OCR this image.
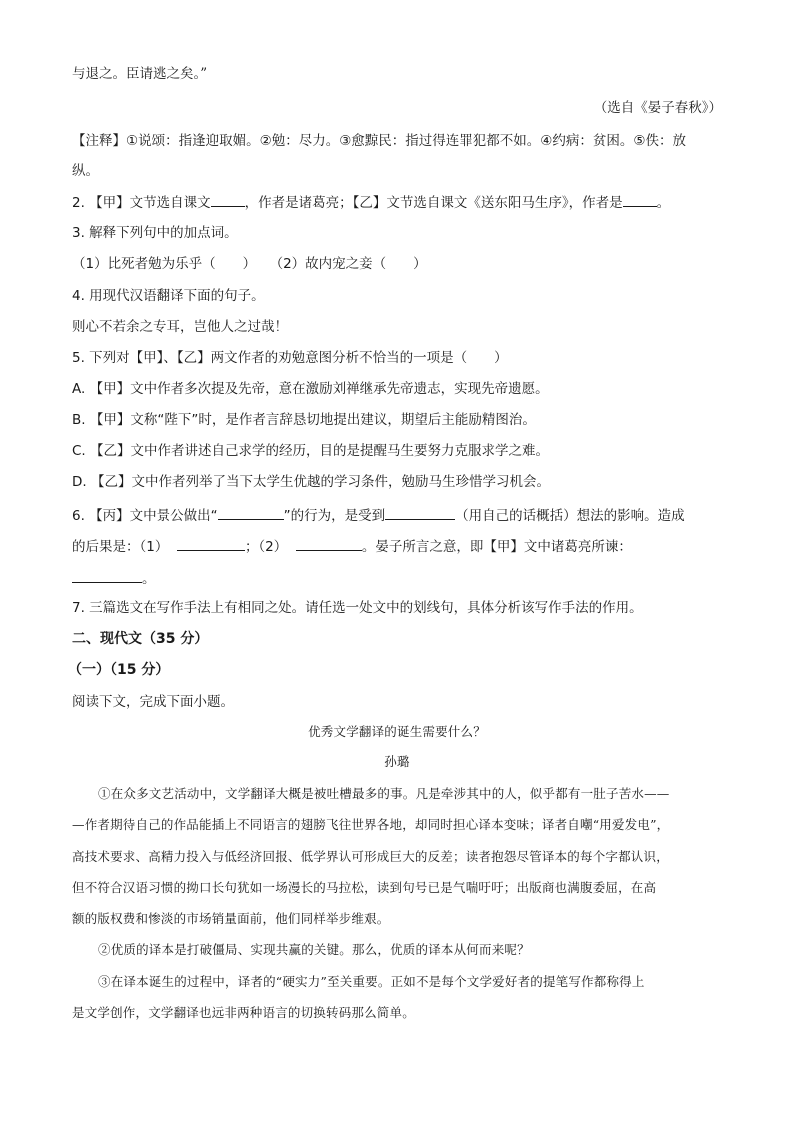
与退之。臣请逃之矣。”
（选自《晏子春秋》）
【注释】①说颂：指逢迎取媚。②勉：尽力。③愈黥民：指过得连罪犯都不如。④约病：贫困。⑤佚：放
纵。
2. 【甲】文节选自课文	，作者是诸葛亮；【乙】文节选自课文《送东阳马生序》，作者是	。
3. 解释下列句中的加点词。
（1）比死者勉为乐乎（　　）　　（2）故内宠之妾（　　）
4. 用现代汉语翻译下面的句子。
则心不若余之专耳，岂他人之过哉！
5. 下列对【甲】、【乙】两文作者的劝勉意图分析不恰当的一项是（　　）
A. 【甲】文中作者多次提及先帝，意在激励刘禅继承先帝遗志，实现先帝遗愿。
B. 【甲】文称“陛下”时，是作者言辞恳切地提出建议，期望后主能励精图治。
C. 【乙】文中作者讲述自己求学的经历，目的是提醒马生要努力克服求学之难。
D. 【乙】文中作者列举了当下太学生优越的学习条件，勉励马生珍惜学习机会。
6. 【丙】文中景公做出“	”的行为，是受到	（用自己的话概括）想法的影响。造成
的后果是：（1）	；（2）	。晏子所言之意，即【甲】文中诸葛亮所谏：
。
7. 三篇选文在写作手法上有相同之处。请任选一处文中的划线句，具体分析该写作手法的作用。
二、现代文（35 分）
（一）（15 分）
阅读下文，完成下面小题。
优秀文学翻译的诞生需要什么？
孙璐
①在众多文艺活动中，文学翻译大概是被吐槽最多的事。凡是牵涉其中的人，似乎都有一肚子苦水——
—作者期待自己的作品能插上不同语言的翅膀飞往世界各地，却同时担心译本变味；译者自嘲“用爱发电”，
高技术要求、高精力投入与低经济回报、低学界认可形成巨大的反差；读者抱怨尽管译本的每个字都认识，
但不符合汉语习惯的拗口长句犹如一场漫长的马拉松，读到句号已是气喘吁吁；出版商也满腹委屈，在高
额的版权费和惨淡的市场销量面前，他们同样举步维艰。
②优质的译本是打破僵局、实现共赢的关键。那么，优质的译本从何而来呢？
③在译本诞生的过程中，译者的“硬实力”至关重要。正如不是每个文学爱好者的提笔写作都称得上
是文学创作，文学翻译也远非两种语言的切换转码那么简单。
